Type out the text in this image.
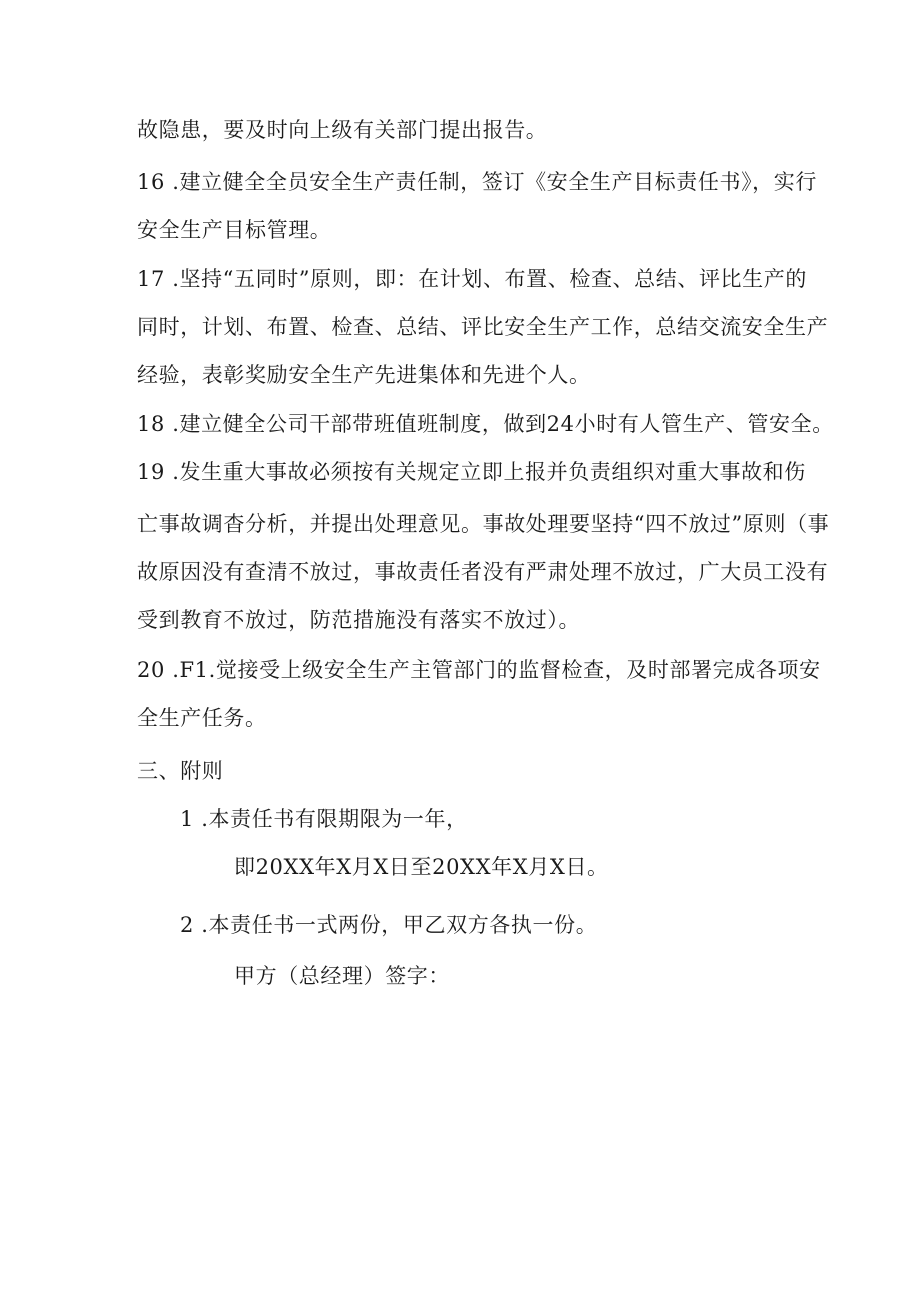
故隐患，要及时向上级有关部门提出报告。
16 .建立健全全员安全生产责任制，签订《安全生产目标责任书》，实行
安全生产目标管理。
17 .坚持“五同时”原则，即：在计划、布置、检查、总结、评比生产的
同时，计划、布置、检查、总结、评比安全生产工作，总结交流安全生产
经验，表彰奖励安全生产先进集体和先进个人。
18 .建立健全公司干部带班值班制度，做到24小时有人管生产、管安全。
19 .发生重大事故必须按有关规定立即上报并负责组织对重大事故和伤
亡事故调杳分析，并提出处理意见。事故处理要坚持“四不放过”原则（事
故原因没有查清不放过，事故责任者没有严肃处理不放过，广大员工没有
受到教育不放过，防范措施没有落实不放过）。
20 .F1.觉接受上级安全生产主管部门的监督检查，及时部署完成各项安
全生产任务。
三、附则
1 .本责任书有限期限为一年，
即20XX年X月X日至20XX年X月X日。
2 .本责任书一式两份，甲乙双方各执一份。
甲方（总经理）签字：
